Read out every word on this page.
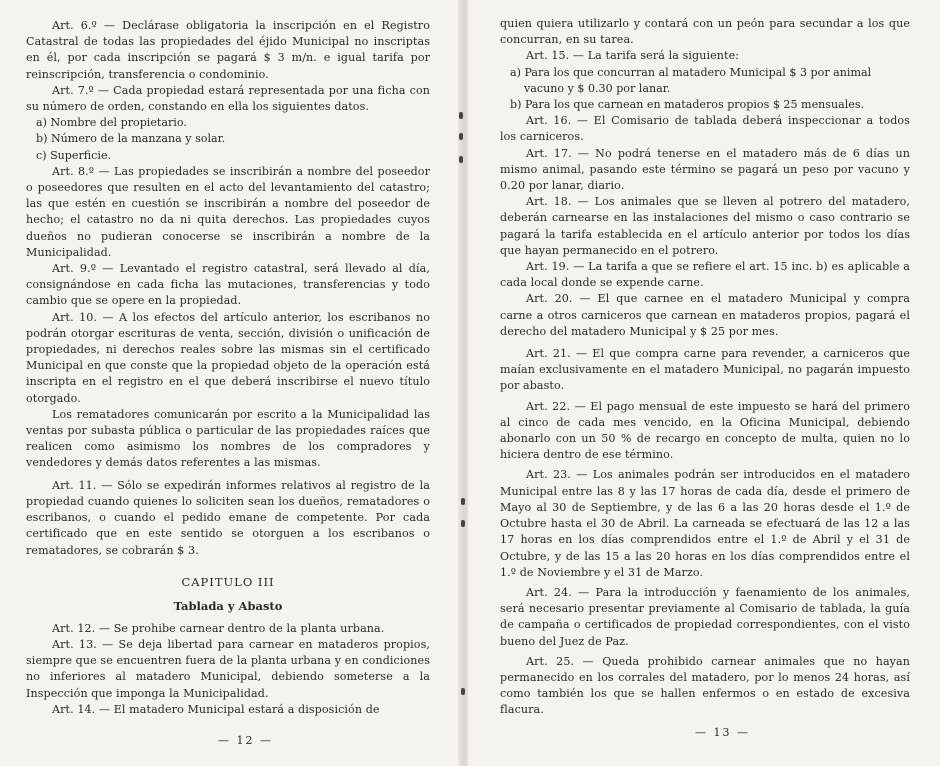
Art. 6.º — Declárase obligatoria la inscripción en el Registro Catastral de todas las propiedades del éjido Municipal no inscriptas en él, por cada inscripción se pagará $ 3 m/n. e igual tarifa por reinscripción, transferencia o condominio.

Art. 7.º — Cada propiedad estará representada por una ficha con su número de orden, constando en ella los siguientes datos.

a) Nombre del propietario.

b) Número de la manzana y solar.

c) Superficie.

Art. 8.º — Las propiedades se inscribirán a nombre del poseedor o poseedores que resulten en el acto del levantamiento del catastro; las que estén en cuestión se inscribirán a nombre del poseedor de hecho; el catastro no da ni quita derechos. Las propiedades cuyos dueños no pudieran conocerse se inscribirán a nombre de la Municipalidad.

Art. 9.º — Levantado el registro catastral, será llevado al día, consignándose en cada ficha las mutaciones, transferencias y todo cambio que se opere en la propiedad.

Art. 10. — A los efectos del artículo anterior, los escribanos no podrán otorgar escrituras de venta, sección, división o unificación de propiedades, ni derechos reales sobre las mismas sin el certificado Municipal en que conste que la propiedad objeto de la operación está inscripta en el registro en el que deberá inscribirse el nuevo título otorgado.

Los rematadores comunicarán por escrito a la Municipalidad las ventas por subasta pública o particular de las propiedades raíces que realicen como asimismo los nombres de los compradores y vendedores y demás datos referentes a las mismas.

Art. 11. — Sólo se expedirán informes relativos al registro de la propiedad cuando quienes lo soliciten sean los dueños, rematadores o escribanos, o cuando el pedido emane de competente. Por cada certificado que en este sentido se otorguen a los escribanos o rematadores, se cobrarán $ 3.

CAPITULO III
Tablada y Abasto

Art. 12. — Se prohibe carnear dentro de la planta urbana.

Art. 13. — Se deja libertad para carnear en mataderos propios, siempre que se encuentren fuera de la planta urbana y en condiciones no inferiores al matadero Municipal, debiendo someterse a la Inspección que imponga la Municipalidad.

Art. 14. — El matadero Municipal estará a disposición de

quien quiera utilizarlo y contará con un peón para secundar a los que concurran, en su tarea.

Art. 15. — La tarifa será la siguiente:

a) Para los que concurran al matadero Municipal $ 3 por animal vacuno y $ 0.30 por lanar.

b) Para los que carnean en mataderos propios $ 25 mensuales.

Art. 16. — El Comisario de tablada deberá inspeccionar a todos los carniceros.

Art. 17. — No podrá tenerse en el matadero más de 6 días un mismo animal, pasando este término se pagará un peso por vacuno y 0.20 por lanar, diario.

Art. 18. — Los animales que se lleven al potrero del matadero, deberán carnearse en las instalaciones del mismo o caso contrario se pagará la tarifa establecida en el artículo anterior por todos los días que hayan permanecido en el potrero.

Art. 19. — La tarifa a que se refiere el art. 15 inc. b) es aplicable a cada local donde se expende carne.

Art. 20. — El que carnee en el matadero Municipal y compra carne a otros carniceros que carnean en mataderos propios, pagará el derecho del matadero Municipal y $ 25 por mes.

Art. 21. — El que compra carne para revender, a carniceros que maían exclusivamente en el matadero Municipal, no pagarán impuesto por abasto.

Art. 22. — El pago mensual de este impuesto se hará del primero al cinco de cada mes vencido, en la Oficina Municipal, debiendo abonarlo con un 50 % de recargo en concepto de multa, quien no lo hiciera dentro de ese término.

Art. 23. — Los animales podrán ser introducidos en el matadero Municipal entre las 8 y las 17 horas de cada día, desde el primero de Mayo al 30 de Septiembre, y de las 6 a las 20 horas desde el 1.º de Octubre hasta el 30 de Abril. La carneada se efectuará de las 12 a las 17 horas en los días comprendidos entre el 1.º de Abril y el 31 de Octubre, y de las 15 a las 20 horas en los días comprendidos entre el 1.º de Noviembre y el 31 de Marzo.

Art. 24. — Para la introducción y faenamiento de los animales, será necesario presentar previamente al Comisario de tablada, la guía de campaña o certificados de propiedad correspondientes, con el visto bueno del Juez de Paz.

Art. 25. — Queda prohibido carnear animales que no hayan permanecido en los corrales del matadero, por lo menos 24 horas, así como también los que se hallen enfermos o en estado de excesiva flacura.

— 12 —
— 13 —
